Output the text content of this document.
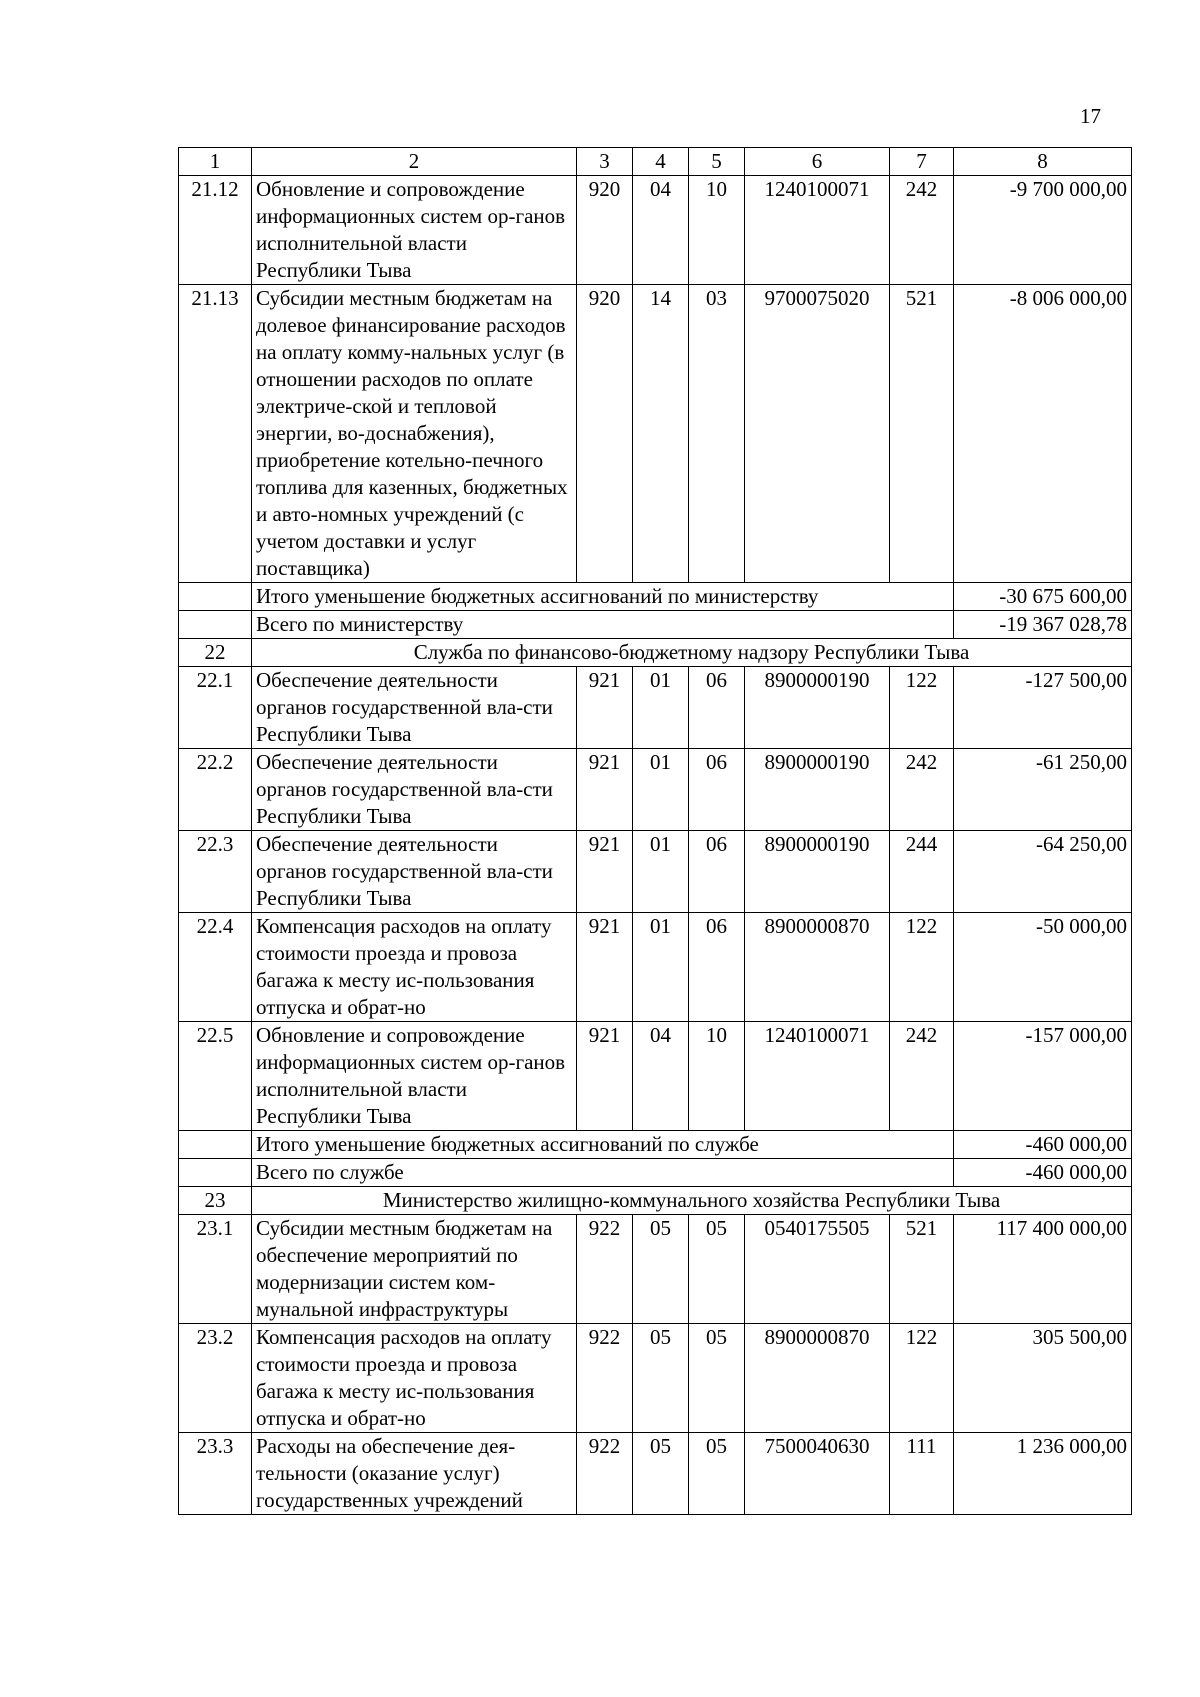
17
1	2	3	4	5	6	7	8
21.12	Обновление и сопровождение информационных систем ор-ганов исполнительной власти Республики Тыва	920	04	10	1240100071	242	-9 700 000,00
21.13	Субсидии местным бюджетам на долевое финансирование расходов на оплату комму-нальных услуг (в отношении расходов по оплате электриче-ской и тепловой энергии, во-доснабжения), приобретение котельно-печного топлива для казенных, бюджетных и авто-номных учреждений (с учетом доставки и услуг поставщика)	920	14	03	9700075020	521	-8 006 000,00
	Итого уменьшение бюджетных ассигнований по министерству						-30 675 600,00
	Всего по министерству						-19 367 028,78
22	Служба по финансово-бюджетному надзору Республики Тыва						
22.1	Обеспечение деятельности органов государственной вла-сти Республики Тыва	921	01	06	8900000190	122	-127 500,00
22.2	Обеспечение деятельности органов государственной вла-сти Республики Тыва	921	01	06	8900000190	242	-61 250,00
22.3	Обеспечение деятельности органов государственной вла-сти Республики Тыва	921	01	06	8900000190	244	-64 250,00
22.4	Компенсация расходов на оплату стоимости проезда и провоза багажа к месту ис-пользования отпуска и обрат-но	921	01	06	8900000870	122	-50 000,00
22.5	Обновление и сопровождение информационных систем ор-ганов исполнительной власти Республики Тыва	921	04	10	1240100071	242	-157 000,00
	Итого уменьшение бюджетных ассигнований по службе						-460 000,00
	Всего по службе						-460 000,00
23	Министерство жилищно-коммунального хозяйства Республики Тыва						
23.1	Субсидии местным бюджетам на обеспечение мероприятий по модернизации систем ком-мунальной инфраструктуры	922	05	05	0540175505	521	117 400 000,00
23.2	Компенсация расходов на оплату стоимости проезда и провоза багажа к месту ис-пользования отпуска и обрат-но	922	05	05	8900000870	122	305 500,00
23.3	Расходы на обеспечение дея-тельности (оказание услуг) государственных учреждений	922	05	05	7500040630	111	1 236 000,00
